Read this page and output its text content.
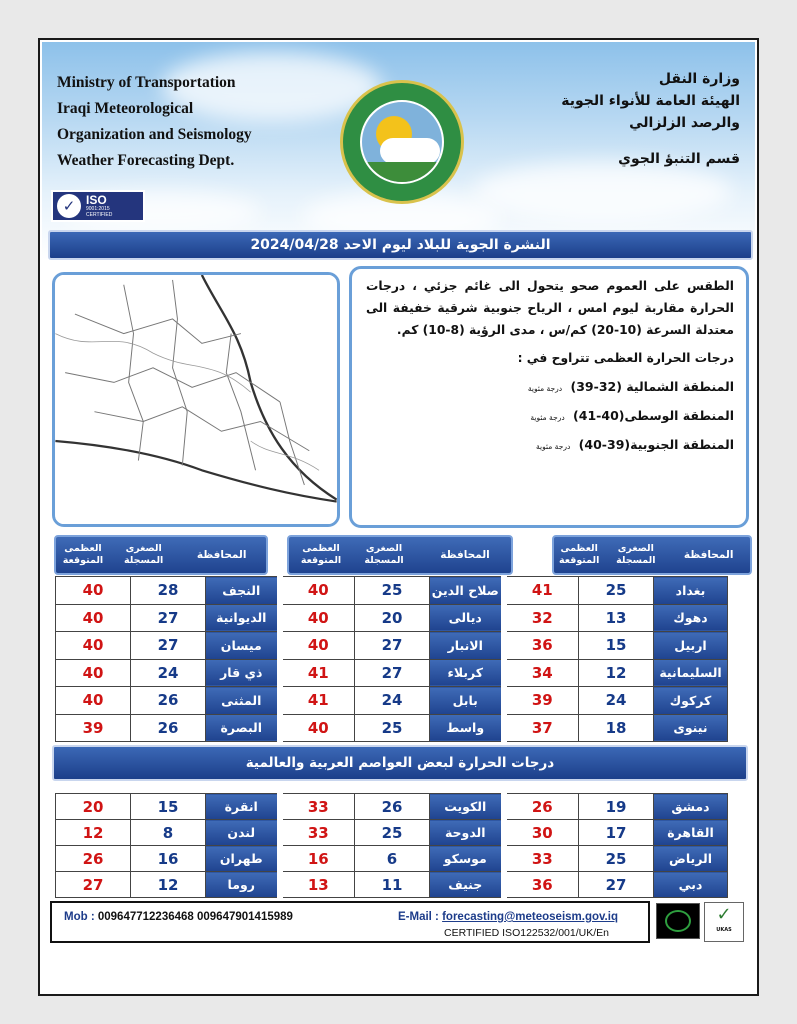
Ministry of Transportation
Iraqi Meteorological
Organization and Seismology
Weather Forecasting Dept.
✓ ISO
9001:2015
CERTIFIED
وزارة النقل
الهيئة العامة للأنواء الجوية
والرصد الزلزالي
قسم التنبؤ الجوي
النشرة الجوية للبلاد ليوم الاحد 2024/04/28
الطقس على العموم صحو يتحول الى غائم جزئي ، درجات الحرارة مقاربة ليوم امس ، الرياح جنوبية شرقية خفيفة الى معتدلة السرعة (10-20) كم/س ، مدى الرؤية (8-10) كم.
درجات الحرارة العظمى تتراوح في :
المنطقة الشمالية (32-39) درجة مئوية
المنطقة الوسطى(40-41) درجة مئوية
المنطقة الجنوبية(39-40) درجة مئوية
المحافظة
الصغرى المسجلة
العظمى المتوقعة
المحافظة
الصغرى المسجلة
العظمى المتوقعة
المحافظة
الصغرى المسجلة
العظمى المتوقعة
بغداد	25	41	صلاح الدين	25	40	النجف	28	40
دهوك	13	32	ديالى	20	40	الديوانية	27	40
اربيل	15	36	الانبار	27	40	ميسان	27	40
السليمانية	12	34	كربلاء	27	41	ذي قار	24	40
كركوك	24	39	بابل	24	41	المثنى	26	40
نينوى	18	37	واسط	25	40	البصرة	26	39
درجات الحرارة لبعض العواصم العربية والعالمية
دمشق	19	26	الكويت	26	33	انقرة	15	20
القاهرة	17	30	الدوحة	25	33	لندن	8	12
الرياض	25	33	موسكو	6	16	طهران	16	26
دبي	27	36	جنيف	11	13	روما	12	27
Mob : 009647712236468 009647901415989	E-Mail : forecasting@meteoseism.gov.iq
CERTIFIED ISO122532/001/UK/En
✓
UKAS
